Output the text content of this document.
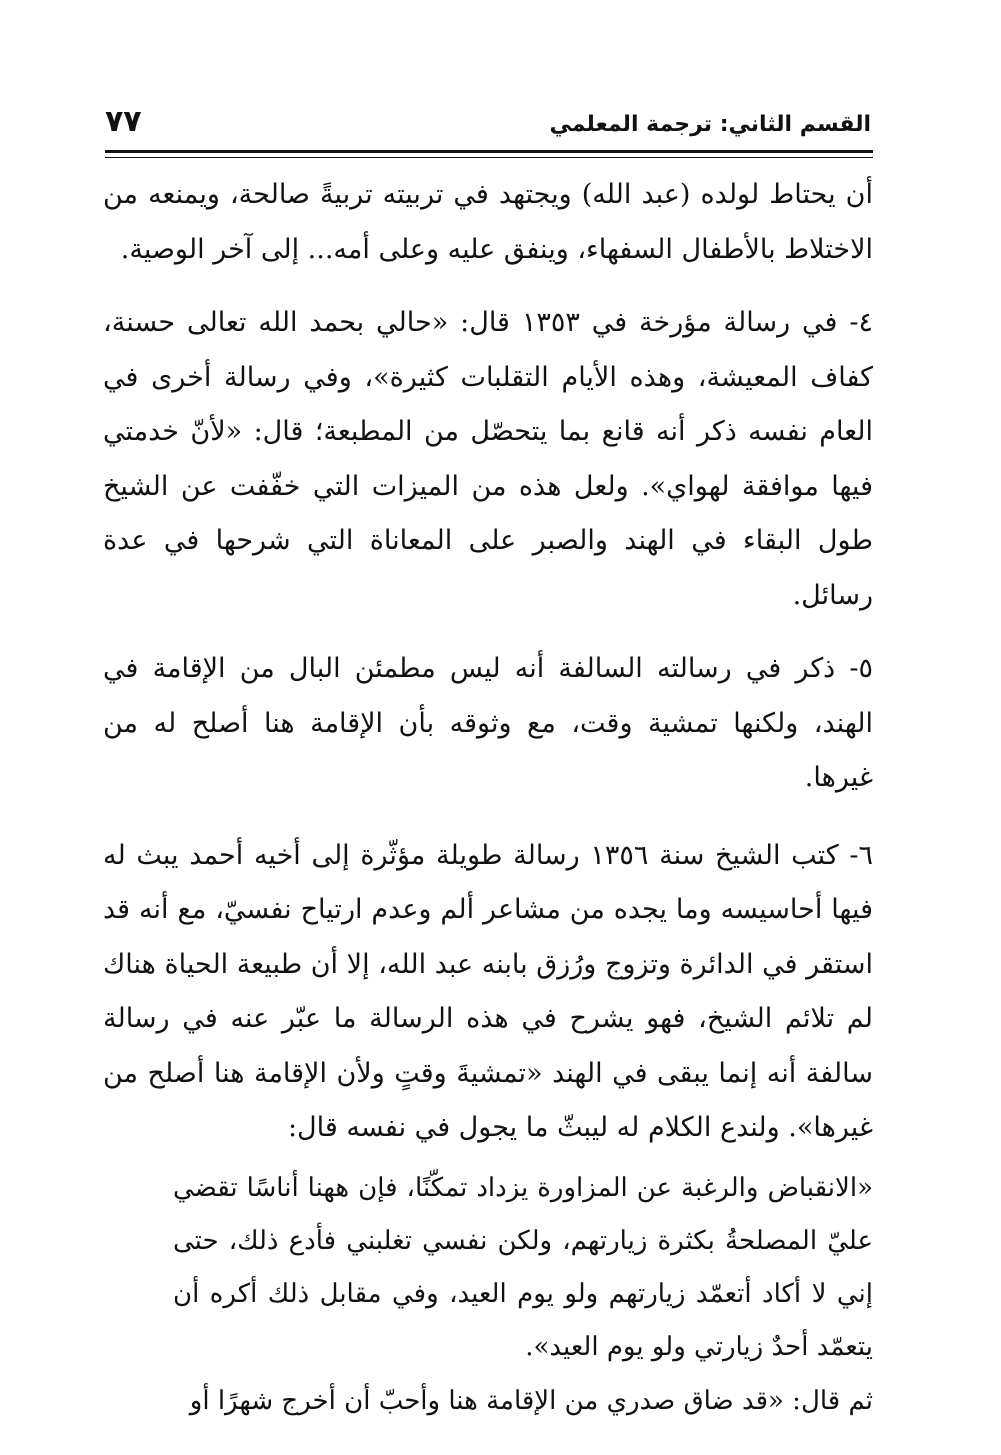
القسم الثاني: ترجمة المعلمي
٧٧

أن يحتاط لولده (عبد الله) ويجتهد في تربيته تربيةً صالحة، ويمنعه من الاختلاط بالأطفال السفهاء، وينفق عليه وعلى أمه... إلى آخر الوصية.

٤- في رسالة مؤرخة في ١٣٥٣ قال: «حالي بحمد الله تعالى حسنة، كفاف المعيشة، وهذه الأيام التقلبات كثيرة»، وفي رسالة أخرى في العام نفسه ذكر أنه قانع بما يتحصّل من المطبعة؛ قال: «لأنّ خدمتي فيها موافقة لهواي». ولعل هذه من الميزات التي خفّفت عن الشيخ طول البقاء في الهند والصبر على المعاناة التي شرحها في عدة رسائل.

٥- ذكر في رسالته السالفة أنه ليس مطمئن البال من الإقامة في الهند، ولكنها تمشية وقت، مع وثوقه بأن الإقامة هنا أصلح له من غيرها.

٦- كتب الشيخ سنة ١٣٥٦ رسالة طويلة مؤثّرة إلى أخيه أحمد يبث له فيها أحاسيسه وما يجده من مشاعر ألم وعدم ارتياح نفسيّ، مع أنه قد استقر في الدائرة وتزوج ورُزق بابنه عبد الله، إلا أن طبيعة الحياة هناك لم تلائم الشيخ، فهو يشرح في هذه الرسالة ما عبّر عنه في رسالة سالفة أنه إنما يبقى في الهند «تمشيةَ وقتٍ ولأن الإقامة هنا أصلح من غيرها». ولندع الكلام له ليبثّ ما يجول في نفسه قال:

«الانقباض والرغبة عن المزاورة يزداد تمكّنًا، فإن ههنا أناسًا تقضي عليّ المصلحةُ بكثرة زيارتهم، ولكن نفسي تغلبني فأدع ذلك، حتى إني لا أكاد أتعمّد زيارتهم ولو يوم العيد، وفي مقابل ذلك أكره أن يتعمّد أحدٌ زيارتي ولو يوم العيد».

ثم قال: «قد ضاق صدري من الإقامة هنا وأحبّ أن أخرج شهرًا أو
